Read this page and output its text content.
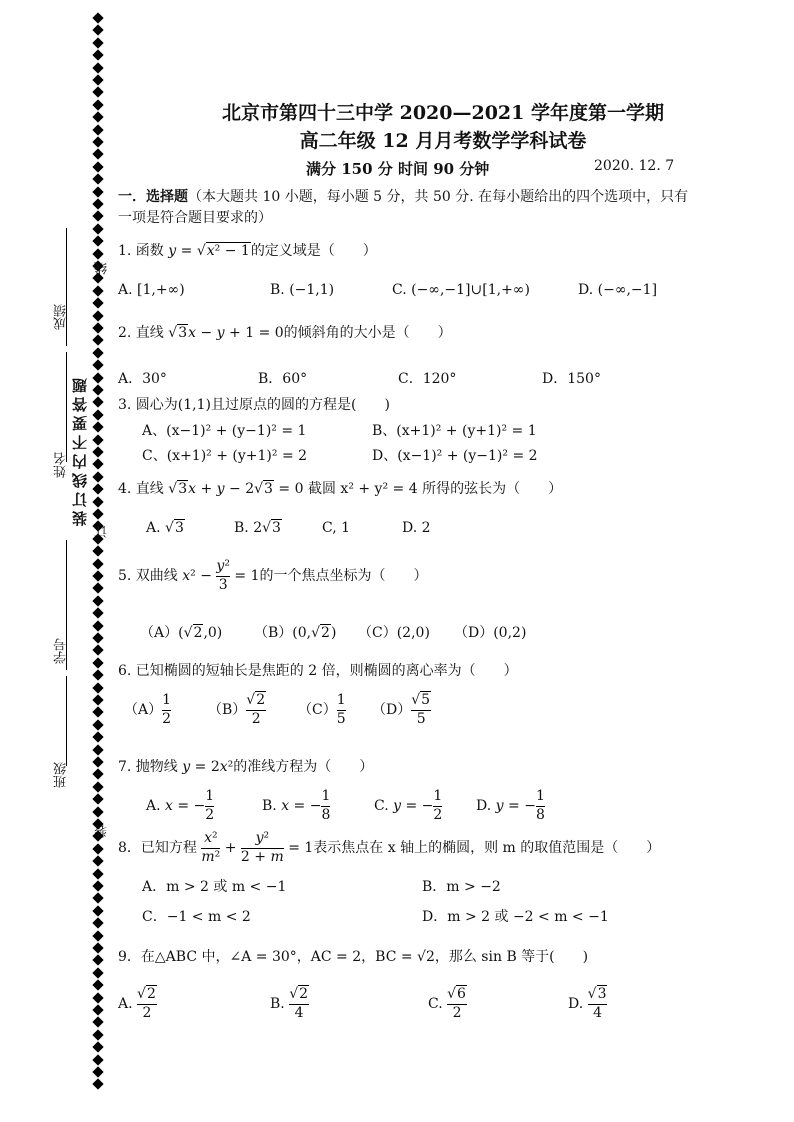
成绩
姓名
学号
班级
装订线内不要答题
线
订
装
北京市第四十三中学 2020—2021 学年度第一学期
高二年级 12 月月考数学学科试卷
满分 150 分 时间 90 分钟	2020. 12. 7
一．选择题（本大题共 10 小题，每小题 5 分，共 50 分. 在每小题给出的四个选项中，只有
一项是符合题目要求的）
1. 函数 y = √x² − 1的定义域是（　　）
A. [1,+∞)	B. (−1,1)	C. (−∞,−1]∪[1,+∞)	D. (−∞,−1]
2. 直线 √3x − y + 1 = 0的倾斜角的大小是（　　）
A．30°	B．60°	C．120°	D．150°
3. 圆心为(1,1)且过原点的圆的方程是(　　)
A、(x−1)² + (y−1)² = 1	B、(x+1)² + (y+1)² = 1
C、(x+1)² + (y+1)² = 2	D、(x−1)² + (y−1)² = 2
4. 直线 √3x + y − 2√3 = 0 截圆 x² + y² = 4 所得的弦长为（　　）
A. √3	B. 2√3	C, 1	D. 2
5. 双曲线 $x^2 - \frac{\text{y²}}{3} = 1$的一个焦点坐标为（　　）
（A）(√2,0) （B）(0,√2) （C）(2,0) （D）(0,2)
6. 已知椭圆的短轴长是焦距的 2 倍，则椭圆的离心率为（　　）
$(A) \frac{1}{2}$	$(B) \frac{√2}{2} (C) \frac{1}{5} (D) \frac{√5}{5}$
7. 抛物线 y = 2x²的准线方程为（　　）
A. x = − $\frac{1}{2}$	B. x = − $\frac{1}{8}$	C. y = − $\frac{1}{2} D$. y = − $\frac{1}{8}$
8．已知方程 $\frac{\text{x²}}{\text{m²}} + \frac{\text{y²}}{2 + m} = 1$表示焦点在 x 轴上的椭圆，则 m 的取值范围是（　　）
A．m > 2 或 m < −1	B．m > −2
C．−1 < m < 2	D．m > 2 或 −2 < m < −1
9．在△ABC 中，∠A = 30°，AC = 2，BC = √2，那么 sin B 等于(　　)
A. $\frac{√2}{2}$	B. $\frac{√2}{4}$	C. $\frac{√6}{2}$	D. $\frac{√3}{4}$
